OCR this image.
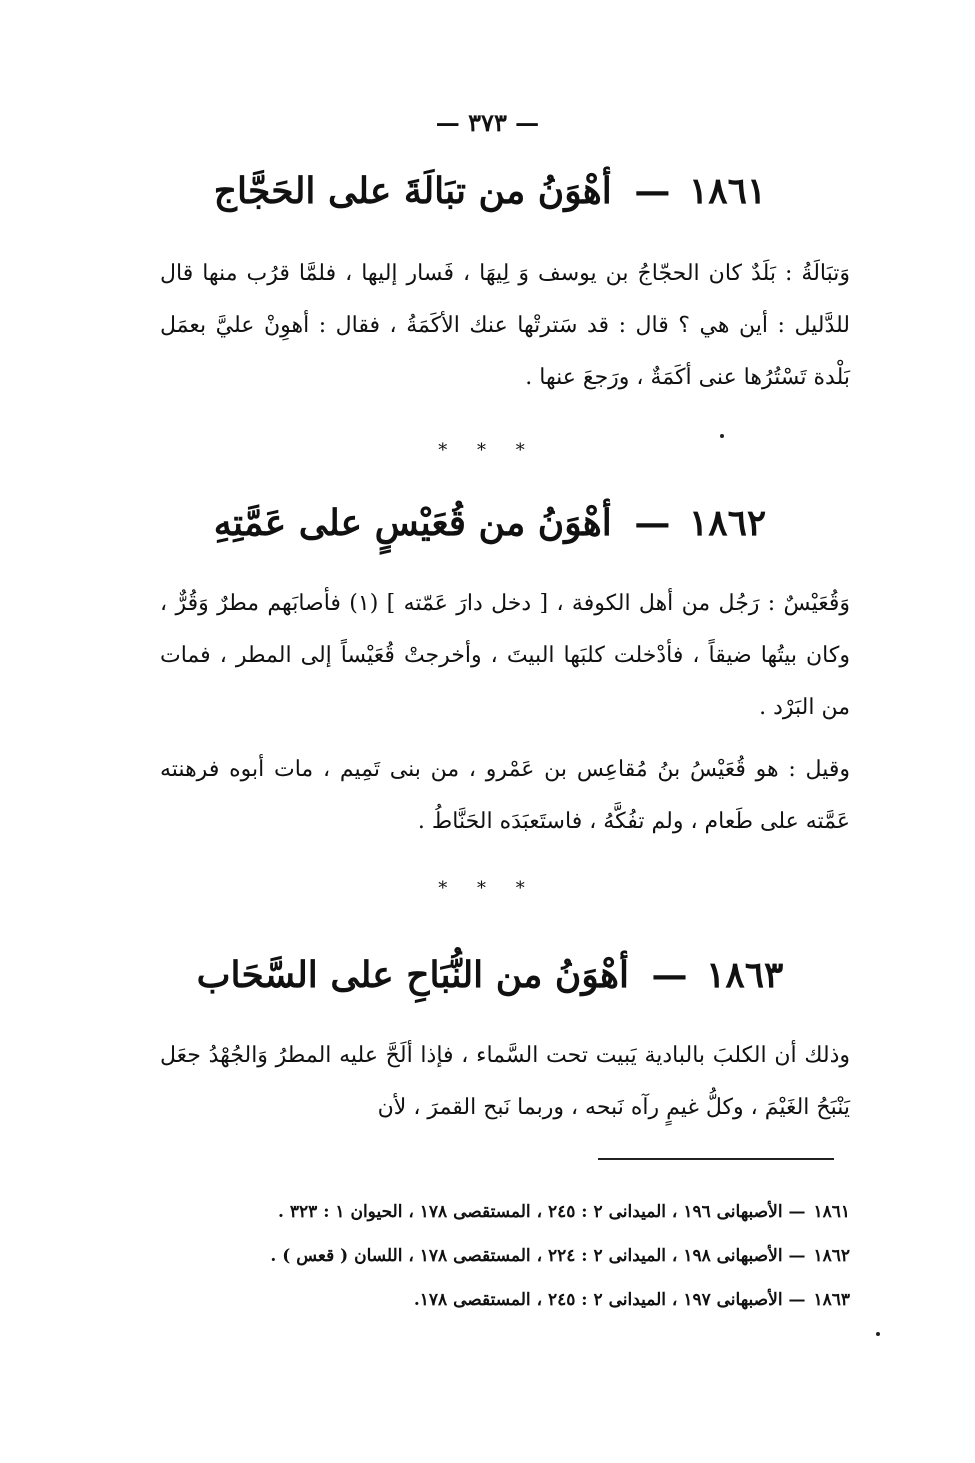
— ٣٧٣ —
١٨٦١ — أهْوَنُ من تبَالَةَ على الحَجَّاج
وَتبَالَةُ : بَلَدٌ كان الحجّاجُ بن يوسف وَ لِيهَا ، فَسار إليها ، فلمَّا قرُب منها قال للدَّليل : أين هي ؟ قال : قد سَترتْها عنك الأكَمَةُ ، فقال : أهوِنْ عليَّ بعمَل بَلْدة تَسْتُرُها عنى أكَمَةٌ ، ورَجعَ عنها .
* * *
١٨٦٢ — أهْوَنُ من قُعَيْسٍ على عَمَّتِهِ
وَقُعَيْسٌ : رَجُل من أهل الكوفة ، [ دخل دارَ عَمّته ] (١) فأصابَهم مطرٌ وَقُرٌّ ، وكان بيتُها ضيقاً ، فأدْخلت كلبَها البيتَ ، وأخرجتْ قُعَيْساً إلى المطر ، فمات من البَرْد .
وقيل : هو قُعَيْسُ بنُ مُقاعِس بن عَمْرو ، من بنى تَمِيم ، مات أبوه فرهنته عَمَّته على طَعام ، ولم تفُكَّهُ ، فاستَعبَدَه الحَنَّاطُ .
* * *
١٨٦٣ — أهْوَنُ من النُّبَاحِ على السَّحَاب
وذلك أن الكلبَ بالبادية يَبيت تحت السَّماء ، فإذا ألَحَّ عليه المطرُ وَالجُهْدُ جعَل يَنْبَحُ الغَيْمَ ، وكلُّ غيمٍ رآه نَبحه ، وربما نَبح القمرَ ، لأن
١٨٦١— الأصبهانى ١٩٦ ، الميدانى ٢ : ٢٤٥ ، المستقصى ١٧٨ ، الحيوان ١ : ٣٢٣ .
١٨٦٢— الأصبهانى ١٩٨ ، الميدانى ٢ : ٢٢٤ ، المستقصى ١٧٨ ، اللسان ( قعس ) .
١٨٦٣— الأصبهانى ١٩٧ ، الميدانى ٢ : ٢٤٥ ، المستقصى ١٧٨.
